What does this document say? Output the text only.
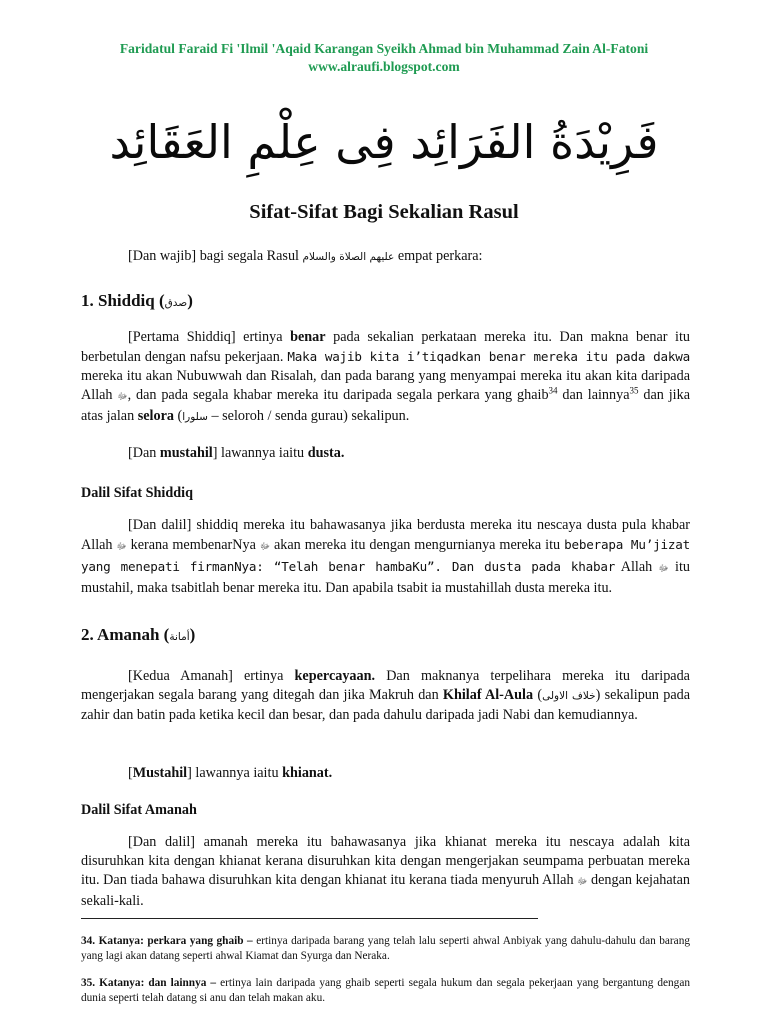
Faridatul Faraid Fi 'Ilmil 'Aqaid Karangan Syeikh Ahmad bin Muhammad Zain Al-Fatoni
www.alraufi.blogspot.com
فَرِيْدَةُ الفَرَائِد فِى عِلْمِ العَقَائِد
Sifat-Sifat Bagi Sekalian Rasul
[Dan wajib] bagi segala Rasul عليهم الصلاة والسلام empat perkara:
1. Shiddiq (صدق)
[Pertama Shiddiq] ertinya benar pada sekalian perkataan mereka itu. Dan makna benar itu berbetulan dengan nafsu pekerjaan. Maka wajib kita i’tiqadkan benar mereka itu pada dakwa mereka itu akan Nubuwwah dan Risalah, dan pada barang yang menyampai mereka itu akan kita daripada Allah ﷻ, dan pada segala khabar mereka itu daripada segala perkara yang ghaib$^{34}$ dan lainnya$^{35}$ dan jika atas jalan selora (سلورا – seloroh / senda gurau) sekalipun.
[Dan mustahil] lawannya iaitu dusta.
Dalil Sifat Shiddiq
[Dan dalil] shiddiq mereka itu bahawasanya jika berdusta mereka itu nescaya dusta pula khabar Allah ﷻ kerana membenarNya ﷻ akan mereka itu dengan mengurnianya mereka itu beberapa Mu’jizat yang menepati firmanNya: “Telah benar hambaKu”. Dan dusta pada khabar Allah ﷻ itu mustahil, maka tsabitlah benar mereka itu. Dan apabila tsabit ia mustahillah dusta mereka itu.
2. Amanah (أمانة)
[Kedua Amanah] ertinya kepercayaan. Dan maknanya terpelihara mereka itu daripada mengerjakan segala barang yang ditegah dan jika Makruh dan Khilaf Al-Aula (خلاف الاولى) sekalipun pada zahir dan batin pada ketika kecil dan besar, dan pada dahulu daripada jadi Nabi dan kemudiannya.
[Mustahil] lawannya iaitu khianat.
Dalil Sifat Amanah
[Dan dalil] amanah mereka itu bahawasanya jika khianat mereka itu nescaya adalah kita disuruhkan kita dengan khianat kerana disuruhkan kita dengan mengerjakan seumpama perbuatan mereka itu. Dan tiada bahawa disuruhkan kita dengan khianat itu kerana tiada menyuruh Allah ﷻ dengan kejahatan sekali-kali.
34. Katanya: perkara yang ghaib – ertinya daripada barang yang telah lalu seperti ahwal Anbiyak yang dahulu-dahulu dan barang yang lagi akan datang seperti ahwal Kiamat dan Syurga dan Neraka.
35. Katanya: dan lainnya – ertinya lain daripada yang ghaib seperti segala hukum dan segala pekerjaan yang bergantung dengan dunia seperti telah datang si anu dan telah makan aku.
